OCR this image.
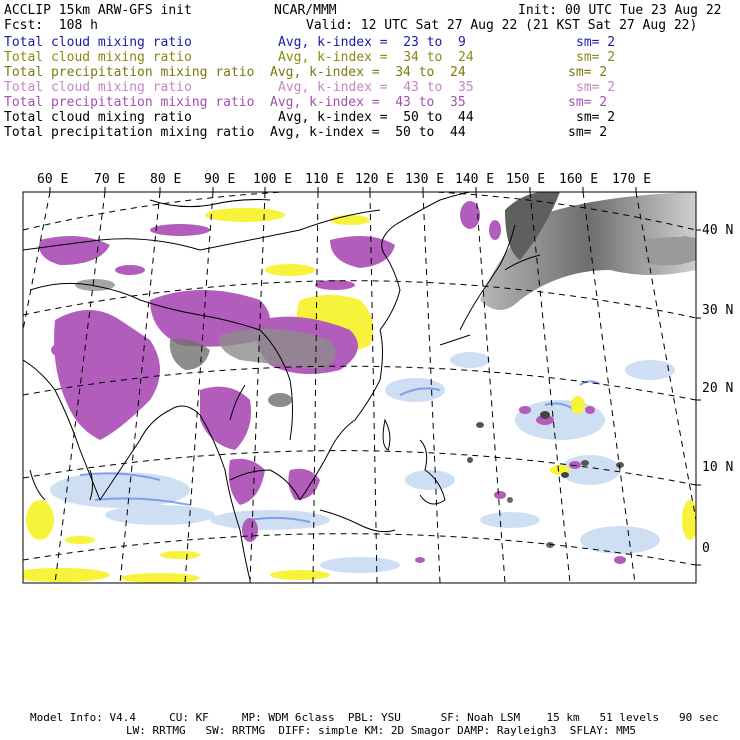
ACCLIP 15km ARW-GFS init	NCAR/MMM	Init: 00 UTC Tue 23 Aug 22
Fcst:  108 h	Valid: 12 UTC Sat 27 Aug 22 (21 KST Sat 27 Aug 22)
Total cloud mixing ratio	Avg, k-index =  23 to  9	sm= 2
Total cloud mixing ratio	Avg, k-index =  34 to  24	sm= 2
Total precipitation mixing ratio Avg, k-index =  34 to  24	sm= 2
Total cloud mixing ratio	Avg, k-index =  43 to  35	sm= 2
Total precipitation mixing ratio Avg, k-index =  43 to  35	sm= 2
Total cloud mixing ratio	Avg, k-index =  50 to  44	sm= 2
Total precipitation mixing ratio Avg, k-index =  50 to  44	sm= 2
60 E 70 E 80 E 90 E 100 E 110 E 120 E 130 E 140 E 150 E 160 E 170 E
40 N
30 N
20 N
10 N
0
Model Info: V4.4     CU: KF     MP: WDM 6class  PBL: YSU      SF: Noah LSM    15 km   51 levels   90 sec
LW: RRTMG   SW: RRTMG  DIFF: simple KM: 2D Smagor DAMP: Rayleigh3  SFLAY: MM5
